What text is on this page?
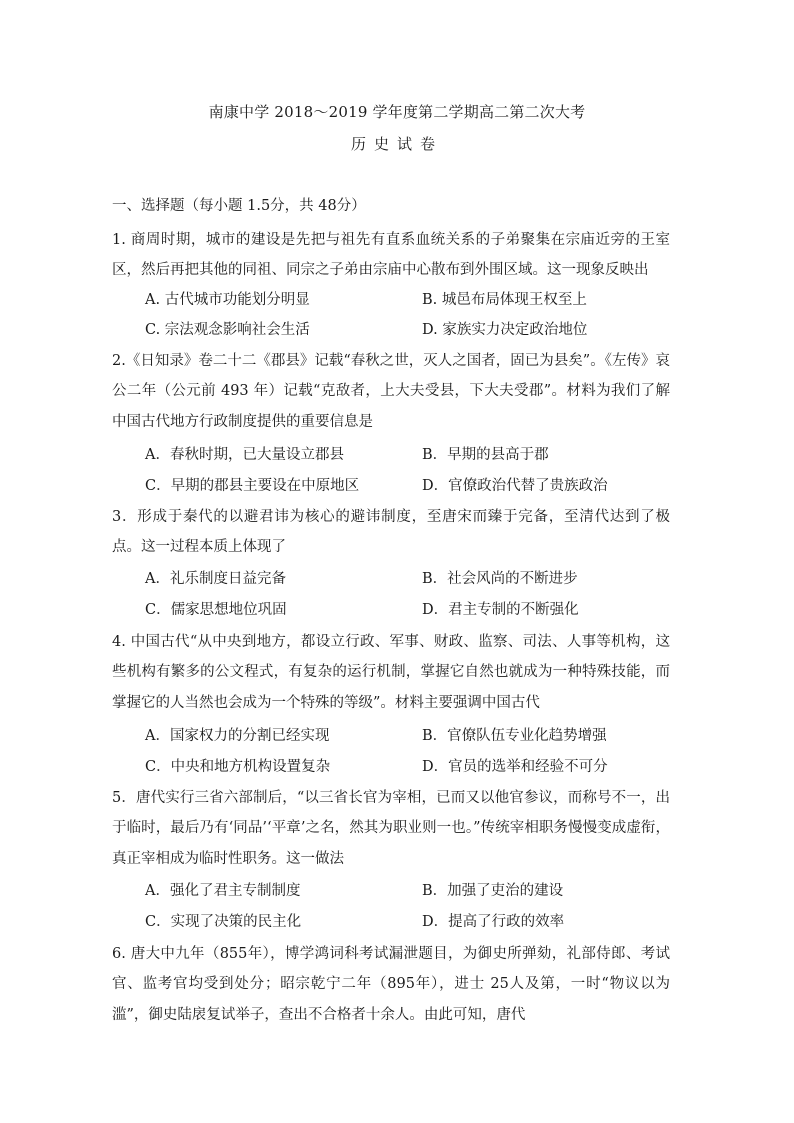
南康中学 2018～2019 学年度第二学期高二第二次大考
历史试卷
一、选择题（每小题 1.5分，共 48分）
1. 商周时期，城市的建设是先把与祖先有直系血统关系的子弟聚集在宗庙近旁的王室区，然后再把其他的同祖、同宗之子弟由宗庙中心散布到外围区域。这一现象反映出
A. 古代城市功能划分明显	B. 城邑布局体现王权至上
C. 宗法观念影响社会生活	D. 家族实力决定政治地位
2.《日知录》卷二十二《郡县》记载“春秋之世，灭人之国者，固已为县矣”。《左传》哀公二年（公元前 493 年）记载“克敌者，上大夫受县，下大夫受郡”。材料为我们了解中国古代地方行政制度提供的重要信息是
A．春秋时期，已大量设立郡县	B．早期的县高于郡
C．早期的郡县主要设在中原地区	D．官僚政治代替了贵族政治
3．形成于秦代的以避君讳为核心的避讳制度，至唐宋而臻于完备，至清代达到了极点。这一过程本质上体现了
A．礼乐制度日益完备	B．社会风尚的不断进步
C．儒家思想地位巩固	D．君主专制的不断强化
4. 中国古代“从中央到地方，都设立行政、军事、财政、监察、司法、人事等机构，这些机构有繁多的公文程式，有复杂的运行机制，掌握它自然也就成为一种特殊技能，而掌握它的人当然也会成为一个特殊的等级”。材料主要强调中国古代
A．国家权力的分割已经实现	B．官僚队伍专业化趋势增强
C．中央和地方机构设置复杂	D．官员的选举和经验不可分
5．唐代实行三省六部制后，“以三省长官为宰相，已而又以他官参议，而称号不一，出于临时，最后乃有‘同品’‘平章’之名，然其为职业则一也。”传统宰相职务慢慢变成虚衔，真正宰相成为临时性职务。这一做法
A．强化了君主专制制度	B．加强了吏治的建设
C．实现了决策的民主化	D．提高了行政的效率
6. 唐大中九年（855年），博学鸿词科考试漏泄题目，为御史所弹劾，礼部侍郎、考试官、监考官均受到处分；昭宗乾宁二年（895年），进士 25人及第，一时“物议以为滥”，御史陆扆复试举子，查出不合格者十余人。由此可知，唐代
